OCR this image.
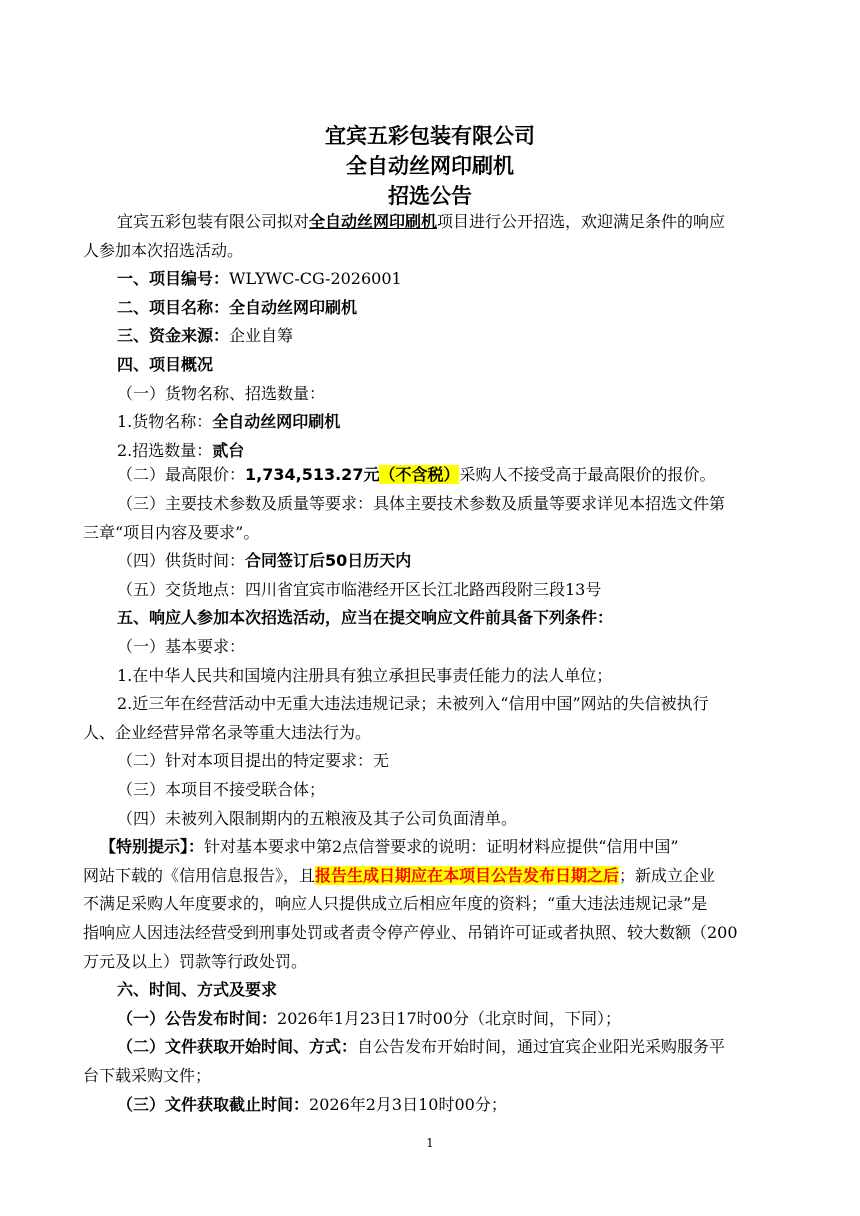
宜宾五彩包装有限公司
全自动丝网印刷机
招选公告
宜宾五彩包装有限公司拟对全自动丝网印刷机项目进行公开招选，欢迎满足条件的响应
人参加本次招选活动。
一、项目编号：WLYWC-CG-2026001
二、项目名称：全自动丝网印刷机
三、资金来源：企业自筹
四、项目概况
（一）货物名称、招选数量：
1.货物名称：全自动丝网印刷机
2.招选数量：贰台
（二）最高限价：1,734,513.27元（不含税）采购人不接受高于最高限价的报价。
（三）主要技术参数及质量等要求：具体主要技术参数及质量等要求详见本招选文件第
三章“项目内容及要求”。
（四）供货时间：合同签订后50日历天内
（五）交货地点：四川省宜宾市临港经开区长江北路西段附三段13号
五、响应人参加本次招选活动，应当在提交响应文件前具备下列条件：
（一）基本要求：
1.在中华人民共和国境内注册具有独立承担民事责任能力的法人单位；
2.近三年在经营活动中无重大违法违规记录；未被列入“信用中国”网站的失信被执行
人、企业经营异常名录等重大违法行为。
（二）针对本项目提出的特定要求：无
（三）本项目不接受联合体；
（四）未被列入限制期内的五粮液及其子公司负面清单。
【特别提示】：针对基本要求中第2点信誉要求的说明：证明材料应提供“信用中国”
网站下载的《信用信息报告》，且报告生成日期应在本项目公告发布日期之后；新成立企业
不满足采购人年度要求的，响应人只提供成立后相应年度的资料；“重大违法违规记录”是
指响应人因违法经营受到刑事处罚或者责令停产停业、吊销许可证或者执照、较大数额（200
万元及以上）罚款等行政处罚。
六、时间、方式及要求
（一）公告发布时间：2026年1月23日17时00分（北京时间，下同）；
（二）文件获取开始时间、方式：自公告发布开始时间，通过宜宾企业阳光采购服务平
台下载采购文件；
（三）文件获取截止时间：2026年2月3日10时00分；
1
